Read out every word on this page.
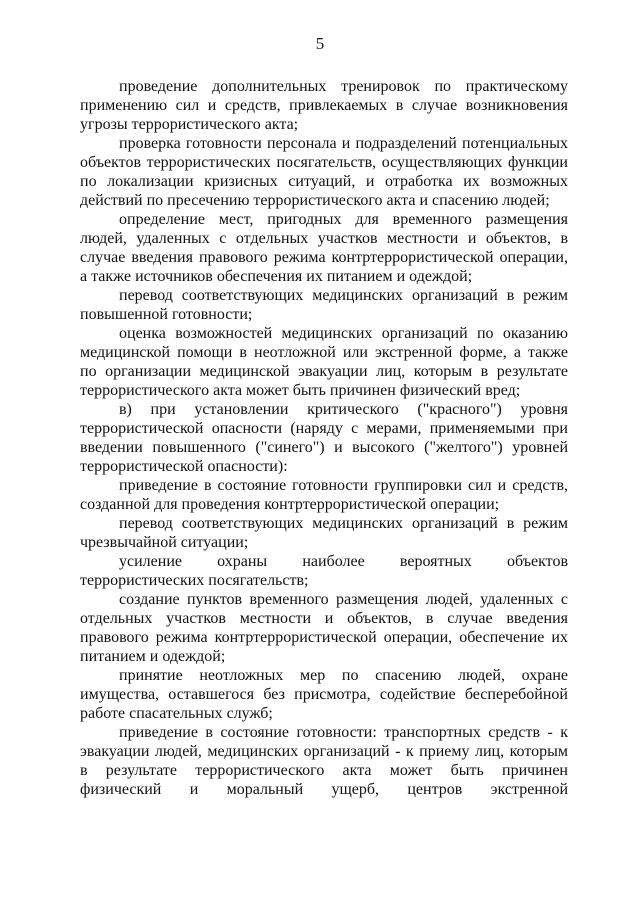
5

проведение дополнительных тренировок по практическому
применению сил и средств, привлекаемых в случае возникновения
угрозы террористического акта;

проверка готовности персонала и подразделений потенциальных
объектов террористических посягательств, осуществляющих функции
по локализации кризисных ситуаций, и отработка их возможных
действий по пресечению террористического акта и спасению людей;

определение мест, пригодных для временного размещения
людей, удаленных с отдельных участков местности и объектов, в
случае введения правового режима контртеррористической операции,
а также источников обеспечения их питанием и одеждой;

перевод соответствующих медицинских организаций в режим
повышенной готовности;

оценка возможностей медицинских организаций по оказанию
медицинской помощи в неотложной или экстренной форме, а также
по организации медицинской эвакуации лиц, которым в результате
террористического акта может быть причинен физический вред;

в) при установлении критического ("красного") уровня
террористической опасности (наряду с мерами, применяемыми при
введении повышенного ("синего") и высокого ("желтого") уровней
террористической опасности):

приведение в состояние готовности группировки сил и средств,
созданной для проведения контртеррористической операции;

перевод соответствующих медицинских организаций в режим
чрезвычайной ситуации;

усиление охраны наиболее вероятных объектов
террористических посягательств;

создание пунктов временного размещения людей, удаленных с
отдельных участков местности и объектов, в случае введения
правового режима контртеррористической операции, обеспечение их
питанием и одеждой;

принятие неотложных мер по спасению людей, охране
имущества, оставшегося без присмотра, содействие бесперебойной
работе спасательных служб;

приведение в состояние готовности: транспортных средств - к
эвакуации людей, медицинских организаций - к приему лиц, которым
в результате террористического акта может быть причинен
физический и моральный ущерб, центров экстренной
